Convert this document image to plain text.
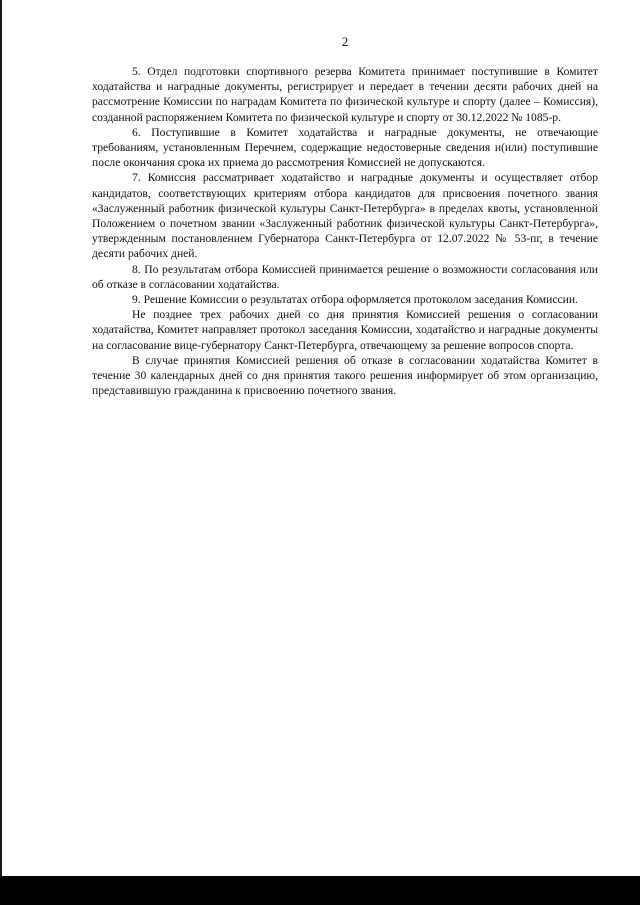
2

5. Отдел подготовки спортивного резерва Комитета принимает поступившие в Комитет ходатайства и наградные документы, регистрирует и передает в течении десяти рабочих дней на рассмотрение Комиссии по наградам Комитета по физической культуре и спорту (далее – Комиссия), созданной распоряжением Комитета по физической культуре и спорту от 30.12.2022 № 1085-р.

6. Поступившие в Комитет ходатайства и наградные документы, не отвечающие требованиям, установленным Перечнем, содержащие недостоверные сведения и(или) поступившие после окончания срока их приема до рассмотрения Комиссией не допускаются.

7. Комиссия рассматривает ходатайство и наградные документы и осуществляет отбор кандидатов, соответствующих критериям отбора кандидатов для присвоения почетного звания «Заслуженный работник физической культуры Санкт-Петербурга» в пределах квоты, установленной Положением о почетном звании «Заслуженный работник физической культуры Санкт-Петербурга», утвержденным постановлением Губернатора Санкт-Петербурга от 12.07.2022 № 53-пг, в течение десяти рабочих дней.

8. По результатам отбора Комиссией принимается решение о возможности согласования или об отказе в согласовании ходатайства.

9. Решение Комиссии о результатах отбора оформляется протоколом заседания Комиссии.

Не позднее трех рабочих дней со дня принятия Комиссией решения о согласовании ходатайства, Комитет направляет протокол заседания Комиссии, ходатайство и наградные документы на согласование вице-губернатору Санкт-Петербурга, отвечающему за решение вопросов спорта.

В случае принятия Комиссией решения об отказе в согласовании ходатайства Комитет в течение 30 календарных дней со дня принятия такого решения информирует об этом организацию, представившую гражданина к присвоению почетного звания.
